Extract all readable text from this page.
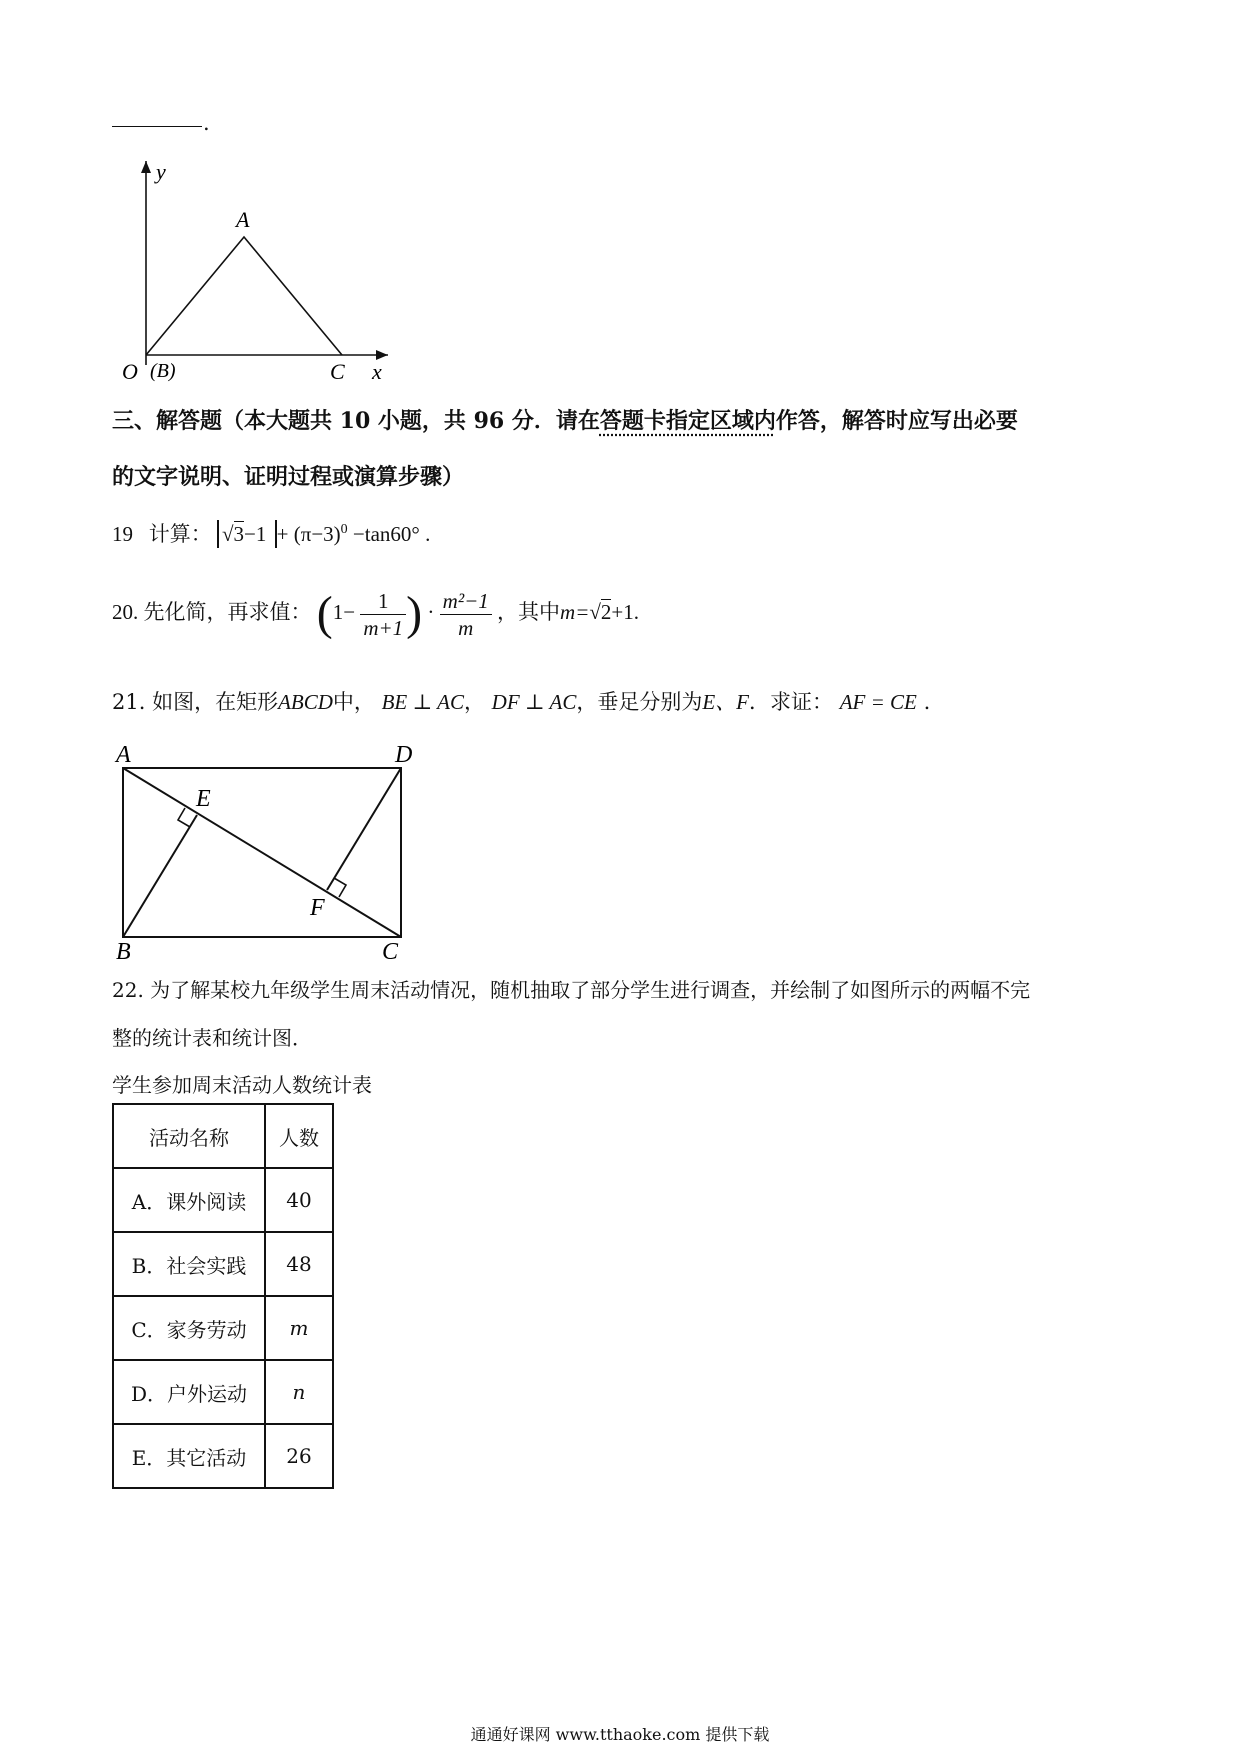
.
y
x
A
O (B)	C
三、解答题（本大题共 10 小题，共 96 分．请在答题卡指定区域内作答，解答时应写出必要
的文字说明、证明过程或演算步骤）
19 计算： $√3-1 + (\pi-3)^0 -\tan 60^\circ$ .
20. 先化简，再求值： ($1- \frac{1}{m+1}$ ) · $\frac{\text{m²−1}}{m}$ ，其中m=√2+1.
21. 如图，在矩形ABCD中， BE ⊥ AC， DF ⊥ AC，垂足分别为E、F．求证： AF = CE .
A	D
E
F
B	C
22. 为了解某校九年级学生周末活动情况，随机抽取了部分学生进行调查，并绘制了如图所示的两幅不完
整的统计表和统计图．
学生参加周末活动人数统计表
活动名称	人数
A．课外阅读	40
B．社会实践	48
C．家务劳动	m
D．户外运动	n
E．其它活动	26
通通好课网 www.tthaoke.com 提供下载
